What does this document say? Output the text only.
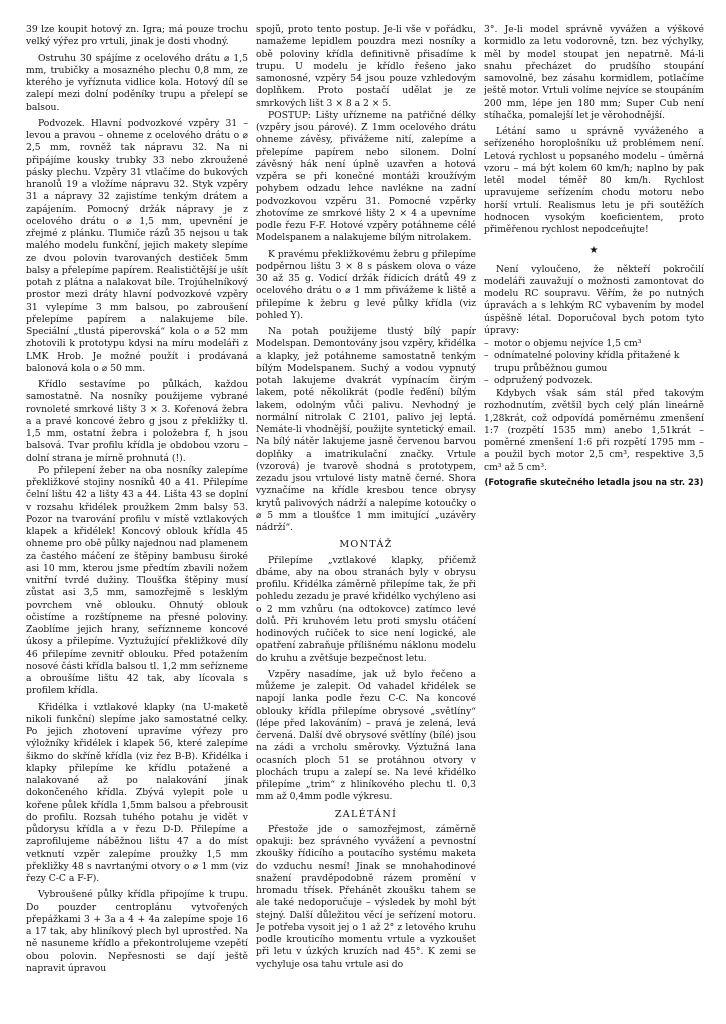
39 lze koupit hotový zn. Igra; má pouze trochu velký výřez pro vrtuli, jinak je dosti vhodný.

Ostruhu 30 spájíme z ocelového drátu ⌀ 1,5 mm, trubičky a mosazného plechu 0,8 mm, ze kterého je vyříznuta vidlice kola. Hotový díl se zalepí mezi dolní poděníky trupu a přelepí se balsou.

Podvozek. Hlavní podvozkové vzpěry 31 – levou a pravou – ohneme z ocelového drátu o ⌀ 2,5 mm, rovněž tak nápravu 32. Na ni připájíme kousky trubky 33 nebo zkroužené pásky plechu. Vzpěry 31 vtlačíme do bukových hranolů 19 a vložíme nápravu 32. Styk vzpěry 31 a nápravy 32 zajistíme tenkým drátem a zapájením. Pomocný držák nápravy je z ocelového drátu o ⌀ 1,5 mm, upevnění je zřejmé z plánku. Tlumiče rázů 35 nejsou u tak malého modelu funkční, jejich makety slepíme ze dvou polovin tvarovaných destiček 5mm balsy a přelepíme papírem. Realističtější je ušít potah z plátna a nalakovat bíle. Trojúhelníkový prostor mezi dráty hlavní podvozkové vzpěry 31 vylepíme 3 mm balsou, po zabroušení přelepíme papírem a nalakujeme bíle. Speciální „tlustá piperovská“ kola o ⌀ 52 mm zhotovili k prototypu kdysi na míru modeláři z LMK Hrob. Je možné použít i prodávaná balonová kola o ⌀ 50 mm.

Křídlo sestavíme po půlkách, každou samostatně. Na nosníky použijeme vybrané rovnoleté smrkové lišty 3 × 3. Kořenová žebra a a pravé koncové žebro g jsou z překližky tl. 1,5 mm, ostatní žebra i položebra f, h jsou balsová. Tvar profilu křídla je obdobou vzoru – dolní strana je mírně prohnutá (!).

Po přilepení žeber na oba nosníky zalepíme překližkové stojiny nosníků 40 a 41. Přilepíme čelní lištu 42 a lišty 43 a 44. Lišta 43 se doplní v rozsahu křidélek proužkem 2mm balsy 53. Pozor na tvarování profilu v místě vztlakových klapek a křidélek! Koncový oblouk křídla 45 ohneme pro obě půlky najednou nad plamenem za častého máčení ze štěpiny bambusu široké asi 10 mm, kterou jsme předtím zbavili nožem vnitřní tvrdé dužiny. Tloušťka štěpiny musí zůstat asi 3,5 mm, samozřejmě s lesklým povrchem vně oblouku. Ohnutý oblouk očistíme a rozštípneme na přesné poloviny. Zaoblíme jejich hrany, seříznneme koncové úkosy a přilepíme. Vyztužující překližkové díly 46 přilepíme zevnitř oblouku. Před potažením nosové části křídla balsou tl. 1,2 mm seřízneme a obroušíme lištu 42 tak, aby lícovala s profilem křídla.

Křidélka i vztlakové klapky (na U-maketě nikoli funkční) slepíme jako samostatné celky. Po jejich zhotovení upravíme výřezy pro výložníky křidélek i klapek 56, které zalepíme šikmo do skříně křídla (viz řez B-B). Křidélka i klapky přilepíme ke křídlu potažené a nalakované až po nalakování jinak dokončeného křídla. Zbývá vylepit pole u kořene půlek křídla 1,5mm balsou a přebrousit do profilu. Rozsah tuhého potahu je vidět v půdorysu křídla a v řezu D-D. Přilepíme a zaprofilujeme náběžnou lištu 47 a do míst vetknutí vzpěr zalepíme proužky 1,5 mm překližky 48 s navrtanými otvory o ⌀ 1 mm (viz řezy C-C a F-F).

Vybroušené půlky křídla připojíme k trupu. Do pouzder centroplánu vytvořených přepážkami 3 + 3a a 4 + 4a zalepíme spoje 16 a 17 tak, aby hliníkový plech byl uprostřed. Na ně nasuneme křídlo a překontrolujeme vzepětí obou polovin. Nepřesnosti se dají ještě napravit úpravou

spojů, proto tento postup. Je-li vše v pořádku, namažeme lepidlem pouzdra mezi nosníky a obě poloviny křídla definitivně přisadíme k trupu. U modelu je křídlo řešeno jako samonosné, vzpěry 54 jsou pouze vzhledovým doplňkem. Proto postačí udělat je ze smrkových lišt 3 × 8 a 2 × 5.

POSTUP: Lišty uřízneme na patřičné délky (vzpěry jsou párové). Z 1mm ocelového drátu ohneme závěsy, přivážeme nití, zalepíme a přelepíme papírem nebo silonem. Dolní závěsný hák není úplně uzavřen a hotová vzpěra se při konečné montáži kroužívým pohybem odzadu lehce navlékne na zadní podvozkovou vzpěru 31. Pomocné vzpěrky zhotovíme ze smrkové lišty 2 × 4 a upevníme podle řezu F-F. Hotové vzpěry potáhneme célé Modelspanem a nalakujeme bílým nitrolakem.

K pravému překližkovému žebru g přilepíme podpěrnou lištu 3 × 8 s páskem olova o váze 30 až 35 g. Vodicí držák řídicích drátů 49 z ocelového drátu o ⌀ 1 mm přivážeme k liště a přilepíme k žebru g levé půlky křídla (viz pohled Y).

Na potah použijeme tlustý bílý papír Modelspan. Demontovány jsou vzpěry, křidélka a klapky, jež potáhneme samostatně tenkým bílým Modelspanem. Suchý a vodou vypnutý potah lakujeme dvakrát vypínacím čirým lakem, poté několikrát (podle řeďění) bílým lakem, odolným vůči palivu. Nevhodný je normální nitrolak C 2101, palivo jej leptá. Nemáte-li vhodnější, použijte syntetický email. Na bílý nátěr lakujeme jasně červenou barvou doplňky a imatrikulační značky. Vrtule (vzorová) je tvarově shodná s prototypem, zezadu jsou vrtulové listy matně černé. Shora vyznačíme na křídle kresbou tence obrysy krytů palivových nádrží a nalepíme kotoučky o ⌀ 5 mm a tloušťce 1 mm imitující „uzávěry nádrží“.

MONTÁŽ

Přilepíme „vztlakové klapky, přičemž dbáme, aby na obou stranách byly v obrysu profilu. Křidélka záměrně přilepíme tak, že při pohledu zezadu je pravé křidélko vychýleno asi o 2 mm vzhůru (na odtokovce) zatímco levé dolů. Při kruhovém letu proti smyslu otáčení hodinových ručiček to sice není logické, ale opatření zabraňuje přílišnému náklonu modelu do kruhu a zvětšuje bezpečnost letu.

Vzpěry nasadíme, jak už bylo řečeno a můžeme je zalepit. Od vahadel křidélek se napojí lanka podle řezu C-C. Na koncové oblouky křídla přilepíme obrysové „světlíny“ (lépe před lakováním) – pravá je zelená, levá červená. Další dvě obrysové světlíny (bílé) jsou na zádi a vrcholu směrovky. Výztužná lana ocasních ploch 51 se protáhnou otvory v plochách trupu a zalepí se. Na levé křidélko přilepíme „trim“ z hliníkového plechu tl. 0,3 mm až 0,4mm podle výkresu.

ZALÉTÁNÍ

Přestože jde o samozřejmost, záměrně opakuji: bez správného vyvážení a pevnostní zkoušky řídicího a poutacího systému maketa do vzduchu nesmí! Jinak se mnohahodinové snažení pravděpodobně rázem promění v hromadu třísek. Přehánět zkoušku tahem se ale také nedoporučuje – výsledek by mohl být stejný. Další důležitou věcí je seřízení motoru. Je potřeba vysoit jej o 1 až 2° z letového kruhu podle krouticího momentu vrtule a vyzkoušet při letu v úzkých kruzích nad 45°. K zemi se vychyluje osa tahu vrtule asi do

3°. Je-li model správně vyvážen a výškové kormidlo za letu vodorovně, tzn. bez výchylky, měl by model stoupat jen nepatrně. Má-li snahu přecházet do prudšího stoupání samovolně, bez zásahu kormidlem, potlačíme ještě motor. Vrtuli volíme nejvíce se stoupáním 200 mm, lépe jen 180 mm; Super Cub není stíhačka, pomalejší let je věrohodnější.

Létání samo u správně vyváženého a seřízeného horoplošníku už problémem není. Letová rychlost u popsaného modelu – úměrná vzoru – má být kolem 60 km/h; naplno by pak letěl model téměř 80 km/h. Rychlost upravujeme seřízením chodu motoru nebo horší vrtulí. Realismus letu je při soutěžích hodnocen vysokým koeficientem, proto přiměřenou rychlost nepodceňujte!

★

Není vyloučeno, že někteří pokročilí modeláři zauvažují o možnosti zamontovat do modelu RC soupravu. Věřím, že po nutných úpravách a s lehkým RC vybavením by model úspěšně létal. Doporučoval bych potom tyto úpravy:

– motor o objemu nejvíce 1,5 cm³
– odnímatelné poloviny křídla přitažené k trupu průběžnou gumou
– odpružený podvozek.

Kdybych však sám stál před takovým rozhodnutím, zvětšil bych celý plán lineárně 1,28krát, což odpovídá poměrnému zmenšení 1:7 (rozpětí 1535 mm) anebo 1,51krát – poměrné zmenšení 1:6 při rozpětí 1795 mm – a použil bych motor 2,5 cm³, respektive 3,5 cm³ až 5 cm³.

(Fotografie skutečného letadla jsou na str. 23)
